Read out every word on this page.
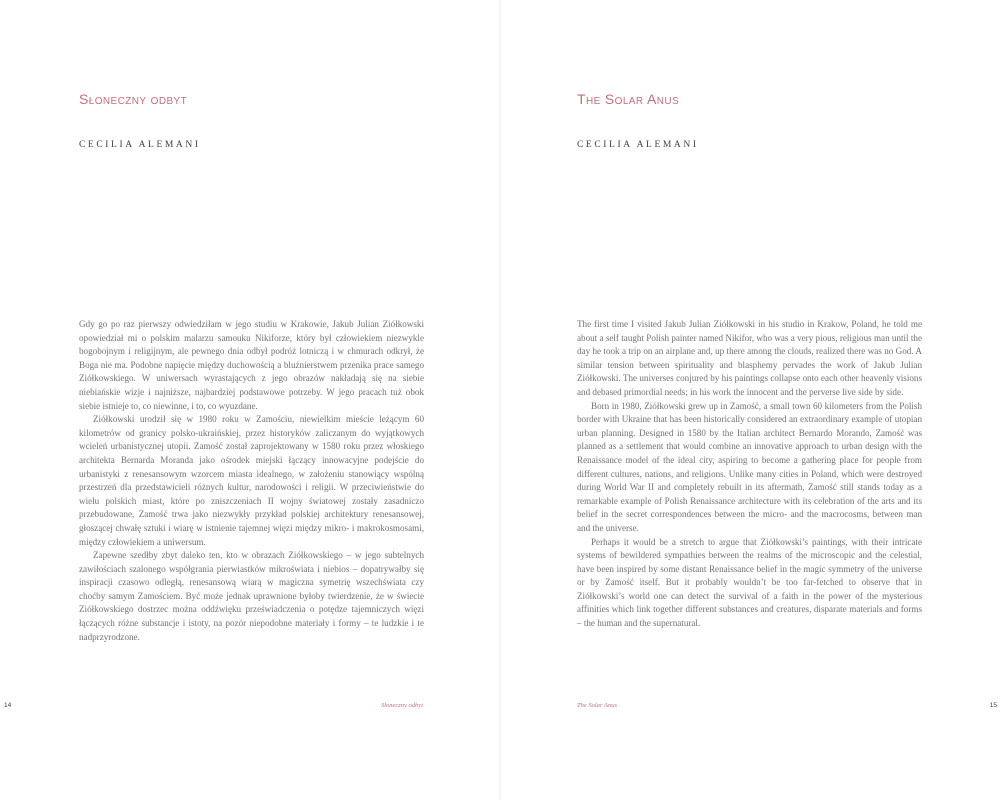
Słoneczny odbyt
CECILIA ALEMANI

Gdy go po raz pierwszy odwiedziłam w jego studiu w Krakowie, Jakub Julian Ziółkowski opowiedział mi o polskim malarzu samouku Nikiforze, który był człowiekiem niezwykle bogobojnym i religijnym, ale pewnego dnia odbył podróż lotniczą i w chmurach odkrył, że Boga nie ma. Podobne napięcie między duchowością a bluźnierstwem przenika prace samego Ziółkowskiego. W uniwersach wyrastających z jego obrazów nakładają się na siebie niebiańskie wizje i najniższe, najbardziej podstawowe potrzeby. W jego pracach tuż obok siebie istnieje to, co niewinne, i to, co wyuzdane.

Ziółkowski urodził się w 1980 roku w Zamościu, niewielkim mieście leżącym 60 kilometrów od granicy polsko-ukraińskiej, przez historyków zaliczanym do wyjątkowych wcieleń urbanistycznej utopii. Zamość został zaprojektowany w 1580 roku przez włoskiego architekta Bernarda Moranda jako ośrodek miejski łączący innowacyjne podejście do urbanistyki z renesansowym wzorcem miasta idealnego, w założeniu stanowiący wspólną przestrzeń dla przedstawicieli różnych kultur, narodowości i religii. W przeciwieństwie do wielu polskich miast, które po zniszczeniach II wojny światowej zostały zasadniczo przebudowane, Zamość trwa jako niezwykły przykład polskiej architektury renesansowej, głoszącej chwałę sztuki i wiarę w istnienie tajemnej więzi między mikro- i makrokosmosami, między człowiekiem a uniwersum.

Zapewne szedłby zbyt daleko ten, kto w obrazach Ziółkowskiego – w jego subtelnych zawiłościach szalonego współgrania pierwiastków mikroświata i niebios – dopatrywałby się inspiracji czasowo odległą, renesansową wiarą w magiczna symetrię wszechświata czy choćby samym Zamościem. Być może jednak uprawnione byłoby twierdzenie, że w świecie Ziółkowskiego dostrzec można oddźwięku przeświadczenia o potędze tajemniczych więzi łączących różne substancje i istoty, na pozór niepodobne materiały i formy – te ludzkie i te nadprzyrodzone.

14	Słoneczny odbyt
The Solar Anus
CECILIA ALEMANI

The first time I visited Jakub Julian Ziółkowski in his studio in Krakow, Poland, he told me about a self taught Polish painter named Nikifor, who was a very pious, religious man until the day he took a trip on an airplane and, up there among the clouds, realized there was no God. A similar tension between spirituality and blasphemy pervades the work of Jakub Julian Ziółkowski. The universes conjured by his paintings collapse onto each other heavenly visions and debased primordial needs; in his work the innocent and the perverse live side by side.

Born in 1980, Ziółkowski grew up in Zamość, a small town 60 kilometers from the Polish border with Ukraine that has been historically considered an extraordinary example of utopian urban planning. Designed in 1580 by the Italian architect Bernardo Morando, Zamość was planned as a settlement that would combine an innovative approach to urban design with the Renaissance model of the ideal city, aspiring to become a gathering place for people from different cultures, nations, and religions. Unlike many cities in Poland, which were destroyed during World War II and completely rebuilt in its aftermath, Zamość still stands today as a remarkable example of Polish Renaissance architecture with its celebration of the arts and its belief in the secret correspondences between the micro- and the macrocosms, between man and the universe.

Perhaps it would be a stretch to argue that Ziółkowski’s paintings, with their intricate systems of bewildered sympathies between the realms of the microscopic and the celestial, have been inspired by some distant Renaissance belief in the magic symmetry of the universe or by Zamość itself. But it probably wouldn’t be too far-fetched to observe that in Ziółkowski’s world one can detect the survival of a faith in the power of the mysterious affinities which link together different substances and creatures, disparate materials and forms – the human and the supernatural.

The Solar Anus	15
